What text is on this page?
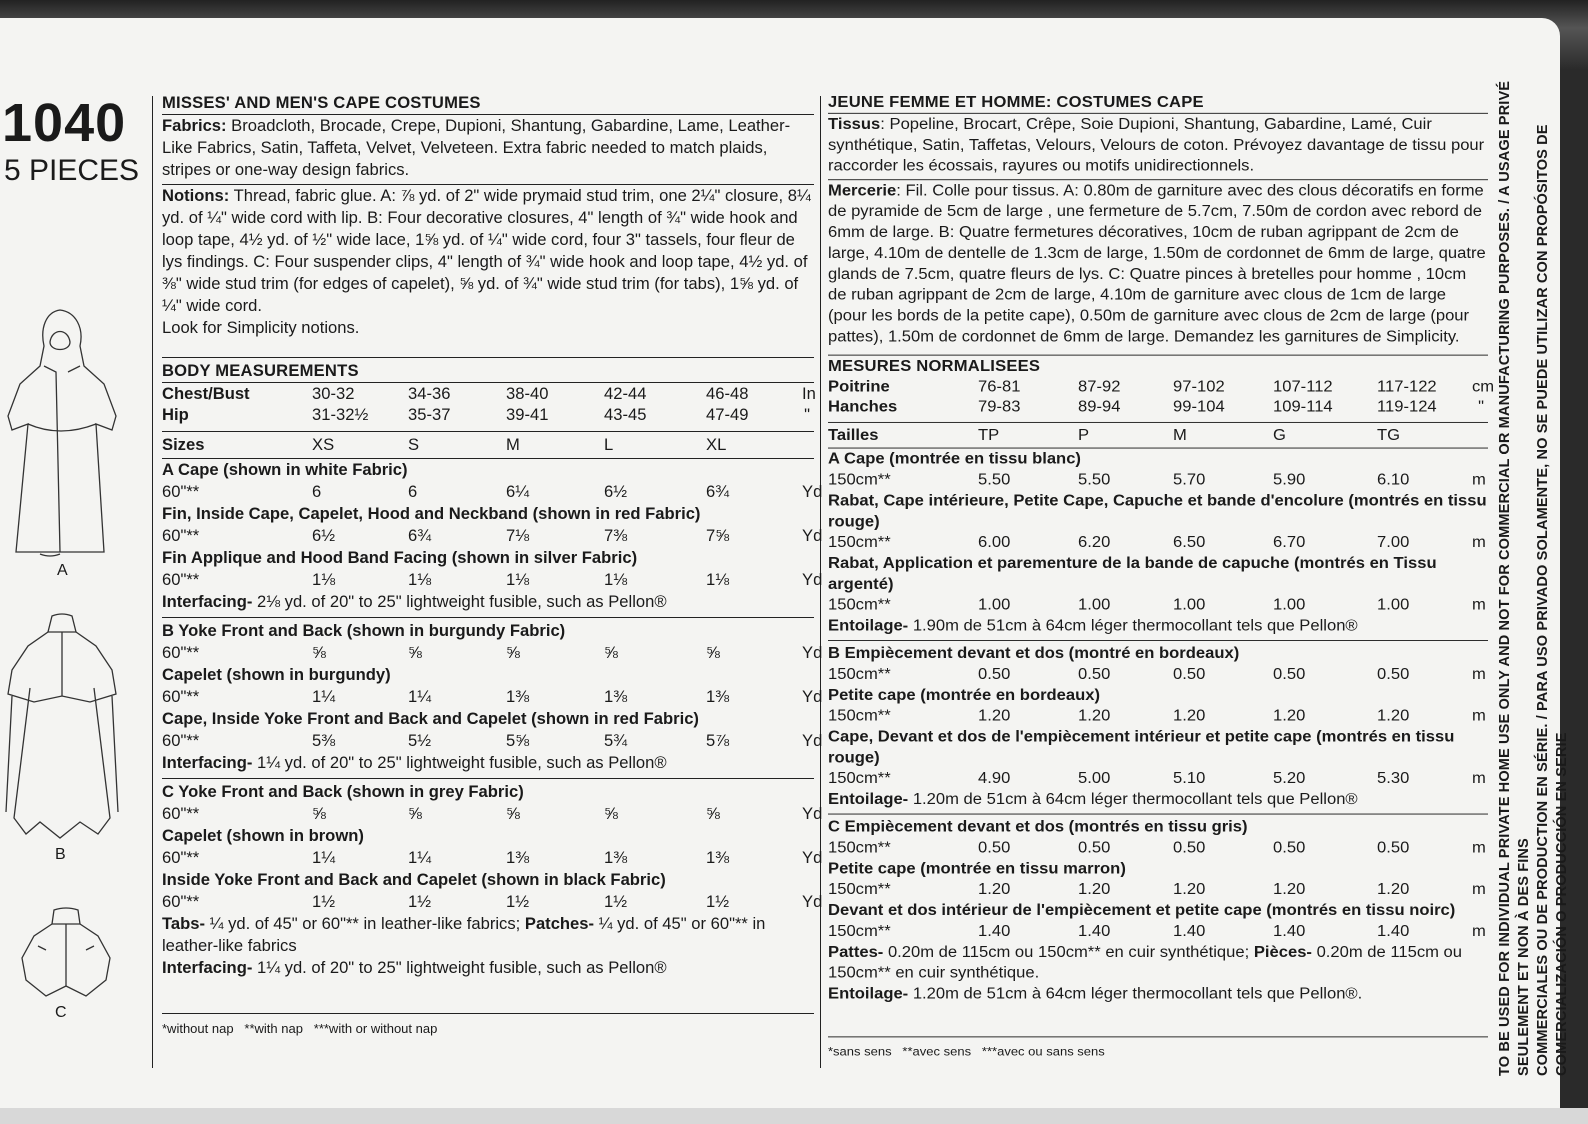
1040
5 PIECES
A
B
C
MISSES' AND MEN'S CAPE COSTUMES

Fabrics: Broadcloth, Brocade, Crepe, Dupioni, Shantung, Gabardine, Lame, Leather-Like Fabrics, Satin, Taffeta, Velvet, Velveteen. Extra fabric needed to match plaids, stripes or one-way design fabrics.

Notions: Thread, fabric glue. A: ⅞ yd. of 2" wide prymaid stud trim, one 2¼" closure, 8¼ yd. of ¼" wide cord with lip. B: Four decorative closures, 4" length of ¾" wide hook and loop tape, 4½ yd. of ½" wide lace, 1⅝ yd. of ¼" wide cord, four 3" tassels, four fleur de lys findings. C: Four suspender clips, 4" length of ¾" wide hook and loop tape, 4½ yd. of ⅜" wide stud trim (for edges of capelet), ⅝ yd. of ¾" wide stud trim (for tabs), 1⅝ yd. of ¼" wide cord.

Look for Simplicity notions.

BODY MEASUREMENTS
Chest/Bust	30-32	34-36	38-40	42-44	46-48	In
Hip	31-32½	35-37	39-41	43-45	47-49	"
Sizes	XS	S	M	L	XL
A Cape (shown in white Fabric)
60"**	6	6	6¼	6½	6¾	Yd
Fin, Inside Cape, Capelet, Hood and Neckband (shown in red Fabric)
60"**	6½	6¾	7⅛	7⅜	7⅝	Yd
Fin Applique and Hood Band Facing (shown in silver Fabric)
60"**	1⅛	1⅛	1⅛	1⅛	1⅛	Yd

Interfacing- 2⅛ yd. of 20" to 25" lightweight fusible, such as Pellon®

B Yoke Front and Back (shown in burgundy Fabric)
60"**	⅝	⅝	⅝	⅝	⅝	Yd
Capelet (shown in burgundy)
60"**	1¼	1¼	1⅜	1⅜	1⅜	Yd
Cape, Inside Yoke Front and Back and Capelet (shown in red Fabric)
60"**	5⅜	5½	5⅝	5¾	5⅞	Yd

Interfacing- 1¼ yd. of 20" to 25" lightweight fusible, such as Pellon®

C Yoke Front and Back (shown in grey Fabric)
60"**	⅝	⅝	⅝	⅝	⅝	Yd
Capelet (shown in brown)
60"**	1¼	1¼	1⅜	1⅜	1⅜	Yd
Inside Yoke Front and Back and Capelet (shown in black Fabric)
60"**	1½	1½	1½	1½	1½	Yd

Tabs- ¼ yd. of 45" or 60"** in leather-like fabrics; Patches- ¼ yd. of 45" or 60"** in leather-like fabrics

Interfacing- 1¼ yd. of 20" to 25" lightweight fusible, such as Pellon®

*without nap   **with nap   ***with or without nap
JEUNE FEMME ET HOMME: COSTUMES CAPE

Tissus: Popeline, Brocart, Crêpe, Soie Dupioni, Shantung, Gabardine, Lamé, Cuir synthétique, Satin, Taffetas, Velours, Velours de coton. Prévoyez davantage de tissu pour raccorder les écossais, rayures ou motifs unidirectionnels.

Mercerie: Fil. Colle pour tissus. A: 0.80m de garniture avec des clous décoratifs en forme de pyramide de 5cm de large , une fermeture de 5.7cm, 7.50m de cordon avec rebord de 6mm de large. B: Quatre fermetures décoratives, 10cm de ruban agrippant de 2cm de large, 4.10m de dentelle de 1.3cm de large, 1.50m de cordonnet de 6mm de large, quatre glands de 7.5cm, quatre fleurs de lys. C: Quatre pinces à bretelles pour homme , 10cm de ruban agrippant de 2cm de large, 4.10m de garniture avec clous de 1cm de large (pour les bords de la petite cape), 0.50m de garniture avec clous de 2cm de large (pour pattes), 1.50m de cordonnet de 6mm de large. Demandez les garnitures de Simplicity.

MESURES NORMALISEES
Poitrine	76-81	87-92	97-102	107-112	117-122	cm
Hanches	79-83	89-94	99-104	109-114	119-124	"
Tailles	TP	P	M	G	TG
A Cape (montrée en tissu blanc)
150cm**	5.50	5.50	5.70	5.90	6.10	m
Rabat, Cape intérieure, Petite Cape, Capuche et bande d'encolure (montrés en tissu rouge)
150cm**	6.00	6.20	6.50	6.70	7.00	m
Rabat, Application et parementure de la bande de capuche (montrés en Tissu argenté)
150cm**	1.00	1.00	1.00	1.00	1.00	m

Entoilage- 1.90m de 51cm à 64cm léger thermocollant tels que Pellon®

B Empiècement devant et dos (montré en bordeaux)
150cm**	0.50	0.50	0.50	0.50	0.50	m
Petite cape (montrée en bordeaux)
150cm**	1.20	1.20	1.20	1.20	1.20	m
Cape, Devant et dos de l'empiècement intérieur et petite cape (montrés en tissu rouge)
150cm**	4.90	5.00	5.10	5.20	5.30	m

Entoilage- 1.20m de 51cm à 64cm léger thermocollant tels que Pellon®

C Empiècement devant et dos (montrés en tissu gris)
150cm**	0.50	0.50	0.50	0.50	0.50	m
Petite cape (montrée en tissu marron)
150cm**	1.20	1.20	1.20	1.20	1.20	m
Devant et dos intérieur de l'empiècement et petite cape (montrés en tissu noirc)
150cm**	1.40	1.40	1.40	1.40	1.40	m

Pattes- 0.20m de 115cm ou 150cm** en cuir synthétique; Pièces- 0.20m de 115cm ou 150cm** en cuir synthétique.

Entoilage- 1.20m de 51cm à 64cm léger thermocollant tels que Pellon®.

*sans sens   **avec sens   ***avec ou sans sens	TO BE USED FOR INDIVIDUAL PRIVATE HOME USE ONLY AND NOT FOR COMMERCIAL OR MANUFACTURING PURPOSES. / A USAGE PRIVÉ SEULEMENT ET NON À DES FINS COMMERCIALES OU DE PRODUCTION EN SÉRIE. / PARA USO PRIVADO SOLAMENTE, NO SE PUEDE UTILIZAR CON PROPÓSITOS DE COMERCIALIZACIÓN O PRODUCCIÓN EN SERIE
